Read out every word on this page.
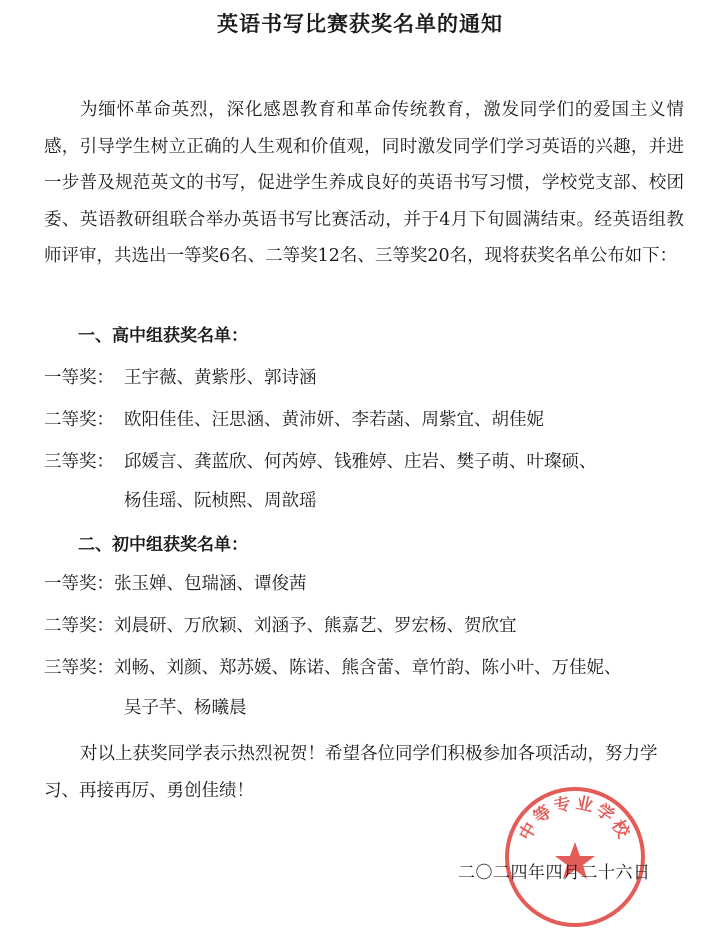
英语书写比赛获奖名单的通知
为缅怀革命英烈，深化感恩教育和革命传统教育，激发同学们的爱国主义情感，引导学生树立正确的人生观和价值观，同时激发同学们学习英语的兴趣，并进一步普及规范英文的书写，促进学生养成良好的英语书写习惯，学校党支部、校团委、英语教研组联合举办英语书写比赛活动，并于4月下旬圆满结束。经英语组教师评审，共选出一等奖6名、二等奖12名、三等奖20名，现将获奖名单公布如下：
一、高中组获奖名单：
一等奖： 王宇薇、黄紫彤、郭诗涵
二等奖： 欧阳佳佳、汪思涵、黄沛妍、李若菡、周紫宜、胡佳妮
三等奖： 邱媛言、龚蓝欣、何芮婷、钱雅婷、庄岩、樊子萌、叶璨硕、
杨佳瑶、阮桢熙、周歆瑶
二、初中组获奖名单：
一等奖：张玉婵、包瑞涵、谭俊茜
二等奖：刘晨研、万欣颖、刘涵予、熊嘉艺、罗宏杨、贺欣宜
三等奖：刘畅、刘颜、郑苏媛、陈诺、熊含蕾、章竹韵、陈小叶、万佳妮、
吴子芊、杨曦晨
对以上获奖同学表示热烈祝贺！希望各位同学们积极参加各项活动，努力学习、再接再厉、勇创佳绩！
中等专业学校
二〇二四年四月二十六日
